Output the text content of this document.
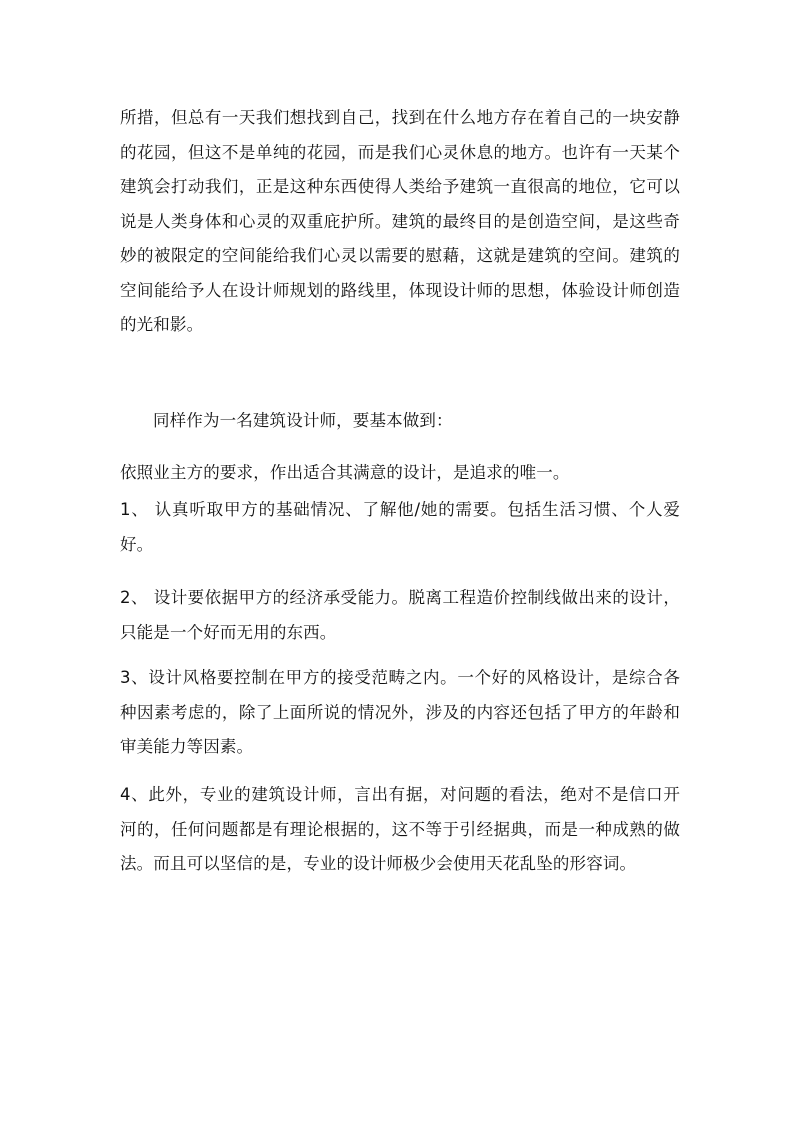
所措，但总有一天我们想找到自己，找到在什么地方存在着自己的一块安静的花园，但这不是单纯的花园，而是我们心灵休息的地方。也许有一天某个建筑会打动我们，正是这种东西使得人类给予建筑一直很高的地位，它可以说是人类身体和心灵的双重庇护所。建筑的最终目的是创造空间，是这些奇妙的被限定的空间能给我们心灵以需要的慰藉，这就是建筑的空间。建筑的空间能给予人在设计师规划的路线里，体现设计师的思想，体验设计师创造的光和影。

同样作为一名建筑设计师，要基本做到：

依照业主方的要求，作出适合其满意的设计，是追求的唯一。

1、 认真听取甲方的基础情况、了解他/她的需要。包括生活习惯、个人爱好。

2、 设计要依据甲方的经济承受能力。脱离工程造价控制线做出来的设计，只能是一个好而无用的东西。

3、设计风格要控制在甲方的接受范畴之内。一个好的风格设计，是综合各种因素考虑的，除了上面所说的情况外，涉及的内容还包括了甲方的年龄和审美能力等因素。

4、此外，专业的建筑设计师，言出有据，对问题的看法，绝对不是信口开河的，任何问题都是有理论根据的，这不等于引经据典，而是一种成熟的做法。而且可以坚信的是，专业的设计师极少会使用天花乱坠的形容词。
